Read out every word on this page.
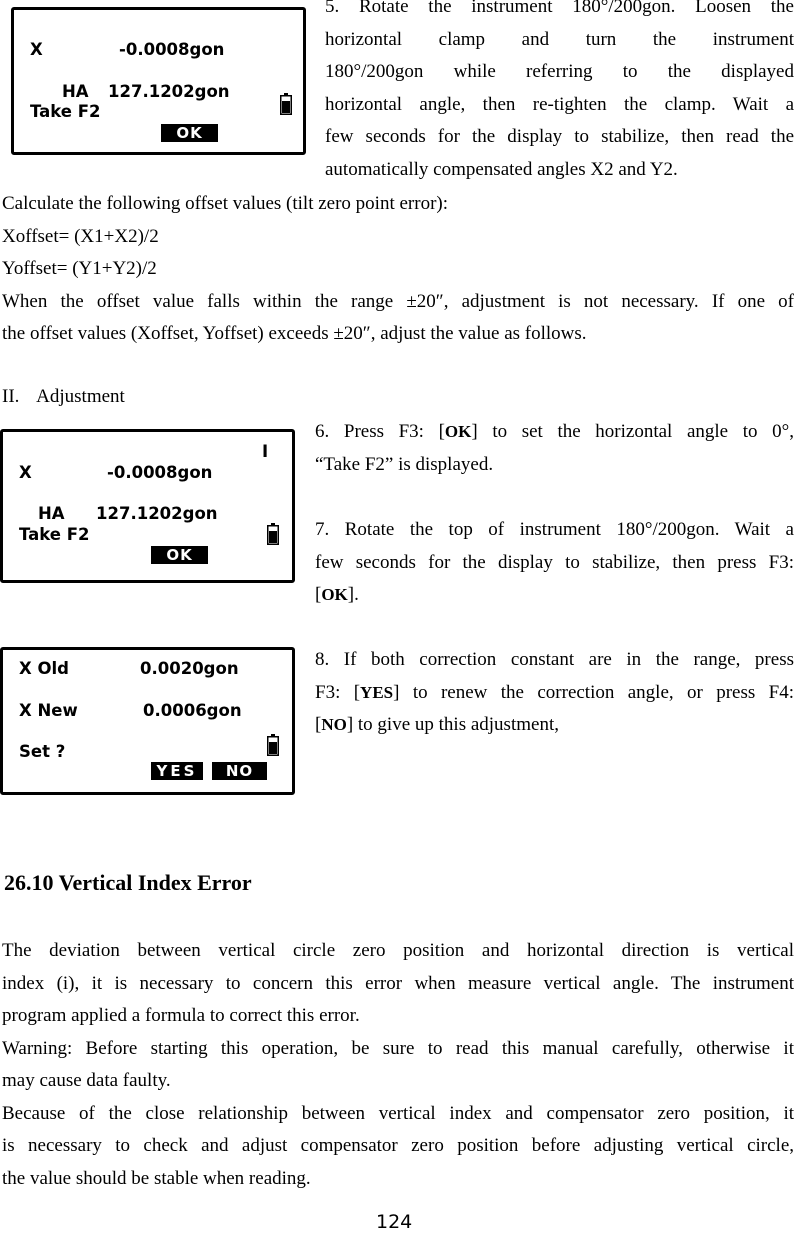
X	-0.0008gon
HA 127.1202gon
Take F2
OK
5. Rotate the instrument 180°/200gon. Loosen the
horizontal clamp and turn the instrument
180°/200gon while referring to the displayed
horizontal angle, then re-tighten the clamp. Wait a
few seconds for the display to stabilize, then read the
automatically compensated angles X2 and Y2.
Calculate the following offset values (tilt zero point error):
Xoffset= (X1+X2)/2
Yoffset= (Y1+Y2)/2
When the offset value falls within the range ±20″, adjustment is not necessary. If one of
the offset values (Xoffset, Yoffset) exceeds ±20″, adjust the value as follows.
II. Adjustment
I
X	-0.0008gon
HA 127.1202gon
Take F2
OK
6. Press F3: [OK] to set the horizontal angle to 0°,
“Take F2” is displayed.
7. Rotate the top of instrument 180°/200gon. Wait a
few seconds for the display to stabilize, then press F3:
[OK].
X Old	0.0020gon
X New	0.0006gon
Set ?
YES	NO
8. If both correction constant are in the range, press
F3: [YES] to renew the correction angle, or press F4:
[NO] to give up this adjustment,
26.10 Vertical Index Error
The deviation between vertical circle zero position and horizontal direction is vertical
index (i), it is necessary to concern this error when measure vertical angle. The instrument
program applied a formula to correct this error.
Warning: Before starting this operation, be sure to read this manual carefully, otherwise it
may cause data faulty.
Because of the close relationship between vertical index and compensator zero position, it
is necessary to check and adjust compensator zero position before adjusting vertical circle,
the value should be stable when reading.
124
